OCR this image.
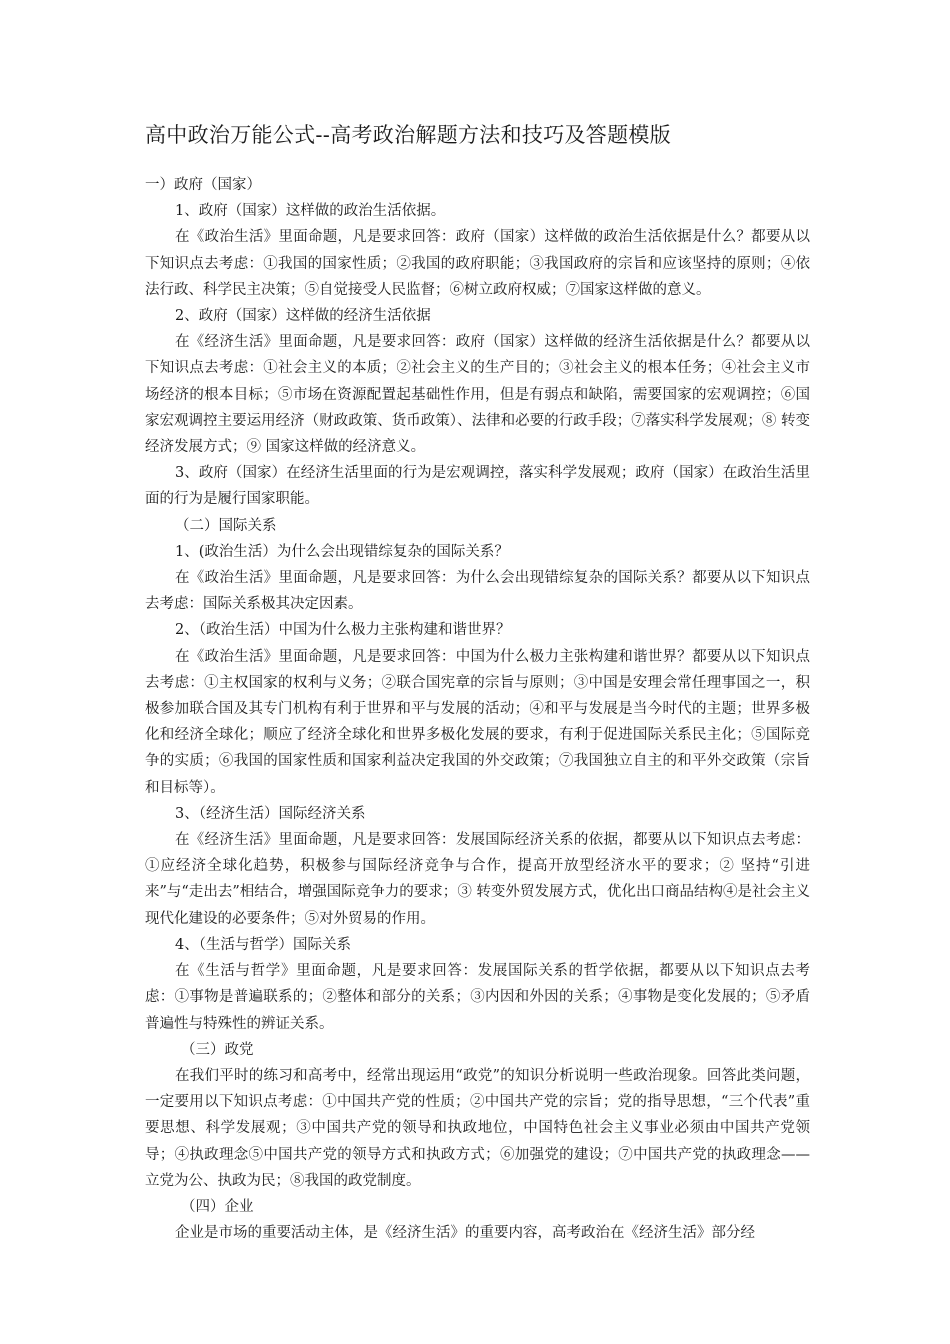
高中政治万能公式--高考政治解题方法和技巧及答题模版

一）政府（国家）

1、政府（国家）这样做的政治生活依据。

在《政治生活》里面命题，凡是要求回答：政府（国家）这样做的政治生活依据是什么？都要从以下知识点去考虑：①我国的国家性质；②我国的政府职能；③我国政府的宗旨和应该坚持的原则；④依法行政、科学民主决策；⑤自觉接受人民监督；⑥树立政府权威；⑦国家这样做的意义。

2、政府（国家）这样做的经济生活依据

在《经济生活》里面命题，凡是要求回答：政府（国家）这样做的经济生活依据是什么？都要从以下知识点去考虑：①社会主义的本质；②社会主义的生产目的；③社会主义的根本任务；④社会主义市场经济的根本目标；⑤市场在资源配置起基础性作用，但是有弱点和缺陷，需要国家的宏观调控；⑥国家宏观调控主要运用经济（财政政策、货币政策）、法律和必要的行政手段；⑦落实科学发展观；⑧ 转变经济发展方式；⑨ 国家这样做的经济意义。

3、政府（国家）在经济生活里面的行为是宏观调控，落实科学发展观；政府（国家）在政治生活里面的行为是履行国家职能。

（二）国际关系

1、(政治生活）为什么会出现错综复杂的国际关系？

在《政治生活》里面命题，凡是要求回答：为什么会出现错综复杂的国际关系？都要从以下知识点去考虑：国际关系极其决定因素。

2、（政治生活）中国为什么极力主张构建和谐世界？

在《政治生活》里面命题，凡是要求回答：中国为什么极力主张构建和谐世界？都要从以下知识点去考虑：①主权国家的权利与义务；②联合国宪章的宗旨与原则；③中国是安理会常任理事国之一，积极参加联合国及其专门机构有利于世界和平与发展的活动；④和平与发展是当今时代的主题；世界多极化和经济全球化；顺应了经济全球化和世界多极化发展的要求，有利于促进国际关系民主化；⑤国际竞争的实质；⑥我国的国家性质和国家利益决定我国的外交政策；⑦我国独立自主的和平外交政策（宗旨和目标等）。

3、（经济生活）国际经济关系

在《经济生活》里面命题，凡是要求回答：发展国际经济关系的依据，都要从以下知识点去考虑：①应经济全球化趋势，积极参与国际经济竞争与合作，提高开放型经济水平的要求；② 坚持“引进来”与“走出去”相结合，增强国际竞争力的要求；③ 转变外贸发展方式，优化出口商品结构④是社会主义现代化建设的必要条件；⑤对外贸易的作用。

4、（生活与哲学）国际关系

在《生活与哲学》里面命题，凡是要求回答：发展国际关系的哲学依据，都要从以下知识点去考虑：①事物是普遍联系的；②整体和部分的关系；③内因和外因的关系；④事物是变化发展的；⑤矛盾普遍性与特殊性的辨证关系。

（三）政党

在我们平时的练习和高考中，经常出现运用“政党”的知识分析说明一些政治现象。回答此类问题，一定要用以下知识点考虑：①中国共产党的性质；②中国共产党的宗旨；党的指导思想，“三个代表”重要思想、科学发展观；③中国共产党的领导和执政地位，中国特色社会主义事业必须由中国共产党领导；④执政理念⑤中国共产党的领导方式和执政方式；⑥加强党的建设；⑦中国共产党的执政理念——立党为公、执政为民；⑧我国的政党制度。

（四）企业

企业是市场的重要活动主体，是《经济生活》的重要内容，高考政治在《经济生活》部分经
